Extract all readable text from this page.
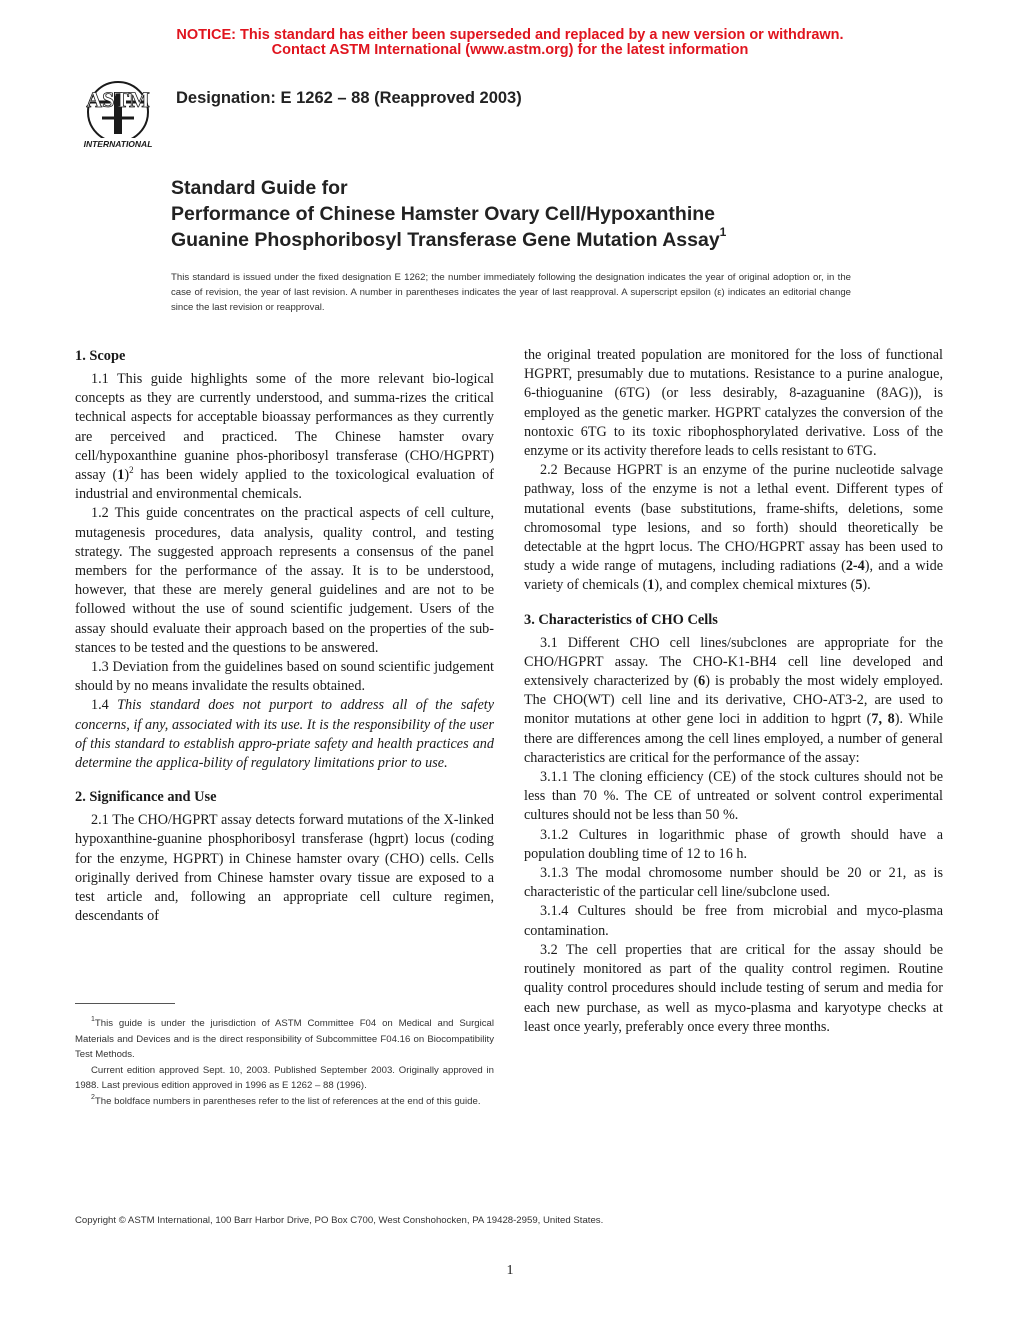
NOTICE: This standard has either been superseded and replaced by a new version or withdrawn.
Contact ASTM International (www.astm.org) for the latest information
ASTM
INTERNATIONAL
Designation: E 1262 – 88 (Reapproved 2003)
Standard Guide for
Performance of Chinese Hamster Ovary Cell/Hypoxanthine
Guanine Phosphoribosyl Transferase Gene Mutation Assay$^1$
This standard is issued under the fixed designation E 1262; the number immediately following the designation indicates the year of original adoption or, in the case of revision, the year of last revision. A number in parentheses indicates the year of last reapproval. A superscript epsilon (ε) indicates an editorial change since the last revision or reapproval.
1. Scope

1.1 This guide highlights some of the more relevant bio-logical concepts as they are currently understood, and summa-rizes the critical technical aspects for acceptable bioassay performances as they currently are perceived and practiced. The Chinese hamster ovary cell/hypoxanthine guanine phos-phoribosyl transferase (CHO/HGPRT) assay $(1)^2$ has been widely applied to the toxicological evaluation of industrial and environmental chemicals.

1.2 This guide concentrates on the practical aspects of cell culture, mutagenesis procedures, data analysis, quality control, and testing strategy. The suggested approach represents a consensus of the panel members for the performance of the assay. It is to be understood, however, that these are merely general guidelines and are not to be followed without the use of sound scientific judgement. Users of the assay should evaluate their approach based on the properties of the sub-stances to be tested and the questions to be answered.

1.3 Deviation from the guidelines based on sound scientific judgement should by no means invalidate the results obtained.

1.4 This standard does not purport to address all of the safety concerns, if any, associated with its use. It is the responsibility of the user of this standard to establish appro-priate safety and health practices and determine the applica-bility of regulatory limitations prior to use.

2. Significance and Use

2.1 The CHO/HGPRT assay detects forward mutations of the X-linked hypoxanthine-guanine phosphoribosyl transferase (hgprt) locus (coding for the enzyme, HGPRT) in Chinese hamster ovary (CHO) cells. Cells originally derived from Chinese hamster ovary tissue are exposed to a test article and, following an appropriate cell culture regimen, descendants of

$^1$This guide is under the jurisdiction of ASTM Committee F04 on Medical and Surgical Materials and Devices and is the direct responsibility of Subcommittee F04.16 on Biocompatibility Test Methods.

Current edition approved Sept. 10, 2003. Published September 2003. Originally approved in 1988. Last previous edition approved in 1996 as E 1262 – 88 (1996).

$^2$The boldface numbers in parentheses refer to the list of references at the end of this guide.

the original treated population are monitored for the loss of functional HGPRT, presumably due to mutations. Resistance to a purine analogue, 6-thioguanine (6TG) (or less desirably, 8-azaguanine (8AG)), is employed as the genetic marker. HGPRT catalyzes the conversion of the nontoxic 6TG to its toxic ribophosphorylated derivative. Loss of the enzyme or its activity therefore leads to cells resistant to 6TG.

2.2 Because HGPRT is an enzyme of the purine nucleotide salvage pathway, loss of the enzyme is not a lethal event. Different types of mutational events (base substitutions, frame-shifts, deletions, some chromosomal type lesions, and so forth) should theoretically be detectable at the hgprt locus. The CHO/HGPRT assay has been used to study a wide range of mutagens, including radiations (2-4), and a wide variety of chemicals (1), and complex chemical mixtures (5).

3. Characteristics of CHO Cells

3.1 Different CHO cell lines/subclones are appropriate for the CHO/HGPRT assay. The CHO-K1-BH4 cell line developed and extensively characterized by (6) is probably the most widely employed. The CHO(WT) cell line and its derivative, CHO-AT3-2, are used to monitor mutations at other gene loci in addition to hgprt (7, 8). While there are differences among the cell lines employed, a number of general characteristics are critical for the performance of the assay:

3.1.1 The cloning efficiency (CE) of the stock cultures should not be less than 70 %. The CE of untreated or solvent control experimental cultures should not be less than 50 %.

3.1.2 Cultures in logarithmic phase of growth should have a population doubling time of 12 to 16 h.

3.1.3 The modal chromosome number should be 20 or 21, as is characteristic of the particular cell line/subclone used.

3.1.4 Cultures should be free from microbial and myco-plasma contamination.

3.2 The cell properties that are critical for the assay should be routinely monitored as part of the quality control regimen. Routine quality control procedures should include testing of serum and media for each new purchase, as well as myco-plasma and karyotype checks at least once yearly, preferably once every three months.

Copyright © ASTM International, 100 Barr Harbor Drive, PO Box C700, West Conshohocken, PA 19428-2959, United States.
1
